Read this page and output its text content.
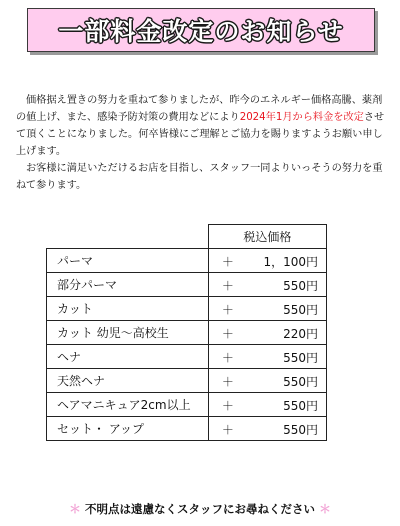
一部料金改定のお知らせ

価格据え置きの努力を重ねて参りましたが、昨今のエネルギー価格高騰、薬剤の値上げ、また、感染予防対策の費用などにより2024年1月から料金を改定させて頂くことになりました。何卒皆様にご理解とご協力を賜りますようお願い申し上げます。

お客様に満足いただけるお店を目指し、スタッフ一同よりいっそうの努力を重ねて参ります。

	税込価格
パーマ	＋ 1，100円

部分パーマ	＋ 550円

カット	＋ 550円

カット 幼児～高校生	＋ 220円

ヘナ	＋ 550円

天然ヘナ	＋ 550円

ヘアマニキュア2cm以上	＋ 550円

セット・ アップ	＋ 550円
＊ 不明点は遠慮なくスタッフにお尋ねください ＊
